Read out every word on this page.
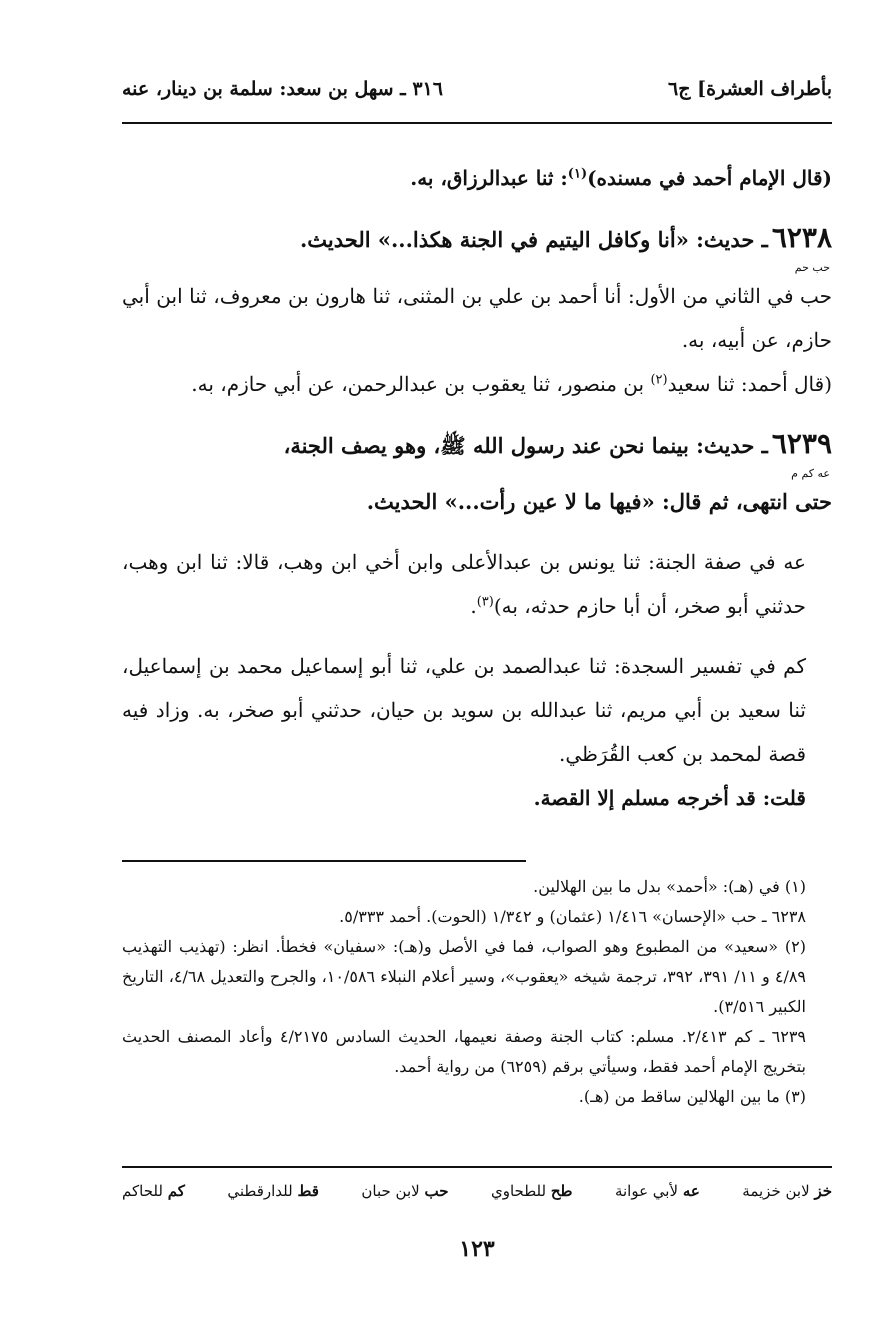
بأطراف العشرة] ج٦
٣١٦ ـ سهل بن سعد: سلمة بن دينار، عنه

(قال الإمام أحمد في مسنده)$^{(١)}$: ثنا عبدالرزاق، به.

٦٢٣٨ـ حديث: «أنا وكافل اليتيم في الجنة هكذا...» الحديث.
حب حم

حب في الثاني من الأول: أنا أحمد بن علي بن المثنى، ثنا هارون بن معروف، ثنا ابن أبي حازم، عن أبيه، به.

(قال أحمد: ثنا سعيد$^{(٢)}$ بن منصور، ثنا يعقوب بن عبدالرحمن، عن أبي حازم، به.

٦٢٣٩ـ حديث: بينما نحن عند رسول الله ﷺ، وهو يصف الجنة،
عه كم م
حتى انتهى، ثم قال: «فيها ما لا عين رأت...» الحديث.

عه في صفة الجنة: ثنا يونس بن عبدالأعلى وابن أخي ابن وهب، قالا: ثنا ابن وهب، حدثني أبو صخر، أن أبا حازم حدثه، به)$^{(٣)}$.

كم في تفسير السجدة: ثنا عبدالصمد بن علي، ثنا أبو إسماعيل محمد بن إسماعيل، ثنا سعيد بن أبي مريم، ثنا عبدالله بن سويد بن حيان، حدثني أبو صخر، به. وزاد فيه قصة لمحمد بن كعب القُرَظي.

قلت: قد أخرجه مسلم إلا القصة.

(١) في (هـ): «أحمد» بدل ما بين الهلالين.

٦٢٣٨ ـ حب «الإحسان» ١/٤١٦ (عثمان) و ١/٣٤٢ (الحوت). أحمد ٥/٣٣٣.

(٢) «سعيد» من المطبوع وهو الصواب، فما في الأصل و(هـ): «سفيان» فخطأ. انظر: (تهذيب التهذيب ٤/٨٩ و ١١/ ٣٩١، ٣٩٢، ترجمة شيخه «يعقوب»، وسير أعلام النبلاء ١٠/٥٨٦، والجرح والتعديل ٤/٦٨، التاريخ الكبير ٣/٥١٦).

٦٢٣٩ ـ كم ٢/٤١٣. مسلم: كتاب الجنة وصفة نعيمها، الحديث السادس ٤/٢١٧٥ وأعاد المصنف الحديث بتخريج الإمام أحمد فقط، وسيأتي برقم (٦٢٥٩) من رواية أحمد.

(٣) ما بين الهلالين ساقط من (هـ).

خز لابن خزيمة
عه لأبي عوانة
طح للطحاوي
حب لابن حبان
قط للدارقطني
كم للحاكم
١٢٣
